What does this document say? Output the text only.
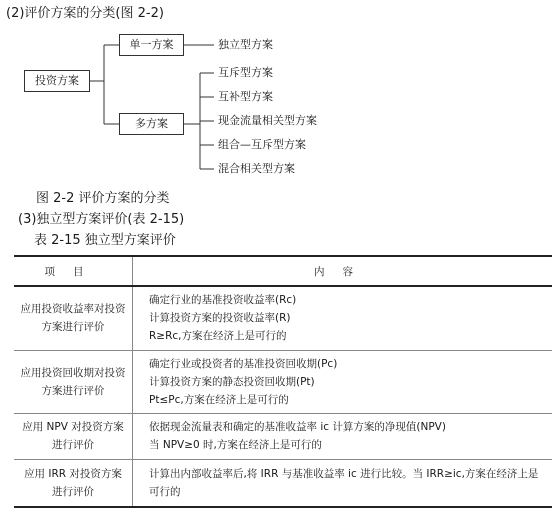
(2)评价方案的分类(图 2-2)
投资方案
单一方案
多方案
独立型方案
互斥型方案
互补型方案
现金流量相关型方案
组合—互斥型方案
混合相关型方案
图 2-2 评价方案的分类
(3)独立型方案评价(表 2-15)
表 2-15 独立型方案评价
项目	内容
应用投资收益率对投资方案进行评价	确定行业的基准投资收益率(Rc)
计算投资方案的投资收益率(R)
R≥Rc,方案在经济上是可行的

应用投资回收期对投资方案进行评价	确定行业或投资者的基准投资回收期(Pc)
计算投资方案的静态投资回收期(Pt)
Pt≤Pc,方案在经济上是可行的

应用 NPV 对投资方案进行评价	依据现金流量表和确定的基准收益率 ic 计算方案的净现值(NPV)
当 NPV≥0 时,方案在经济上是可行的

应用 IRR 对投资方案进行评价	计算出内部收益率后,将 IRR 与基准收益率 ic 进行比较。当 IRR≥ic,方案在经济上是可行的
